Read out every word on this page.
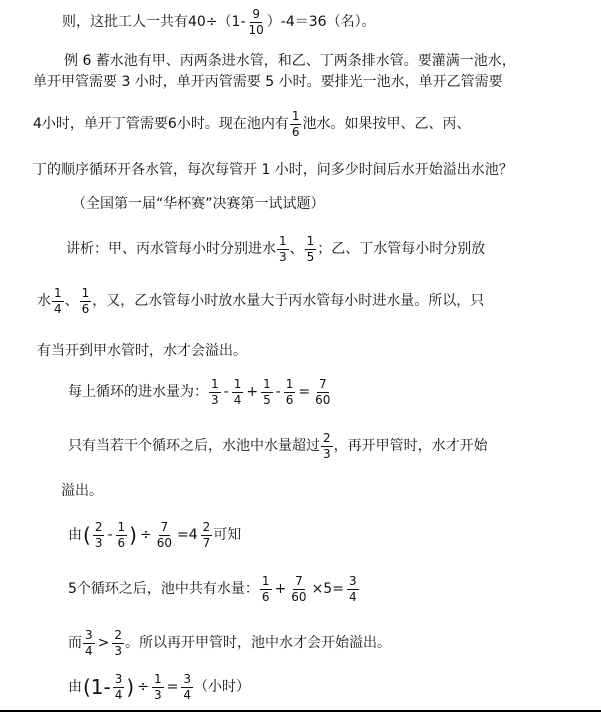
则，这批工人一共有$40\div(1- \frac{9}{10} )-4=36$（名）。
例 6 蓄水池有甲、丙两条进水管，和乙、丁两条排水管。要灌满一池水，
单开甲管需要 3 小时，单开丙管需要 5 小时。要排光一池水，单开乙管需要
4小时，单开丁管需要6小时。现在池内有 $\frac{1}{6}$ 池水。如果按甲、乙、丙、
丁的顺序循环开各水管，每次每管开 1 小时，问多少时间后水开始溢出水池？
（全国第一届“华杯赛”决赛第一试试题）
讲析：甲、丙水管每小时分别进水 $\frac{1}{3}$ 、 $\frac{1}{5}$ ；乙、丁水管每小时分别放
水 $\frac{1}{4}$ 、 $\frac{1}{6}$ ，又，乙水管每小时放水量大于丙水管每小时进水量。所以，只
有当开到甲水管时，水才会溢出。
每上循环的进水量为： $\frac{1}{3} - \frac{1}{4} + \frac{1}{5} - \frac{1}{6} = \frac{7}{60}$
只有当若干个循环之后，水池中水量超过 $\frac{2}{3}$ ，再开甲管时，水才开始
溢出。
由 ( $\frac{2}{3} - \frac{1}{6}$ ) ÷ $\frac{7}{60} =4 \frac{2}{7}$ 可知
5个循环之后，池中共有水量： $\frac{1}{6} + \frac{7}{60} \times 5= \frac{3}{4}$
而 $\frac{3}{4} > \frac{2}{3}$ 。所以再开甲管时，池中水才会开始溢出。
由 ($1- \frac{3}{4}$ ) ÷ $\frac{1}{3} = \frac{3}{4}$ （小时）
